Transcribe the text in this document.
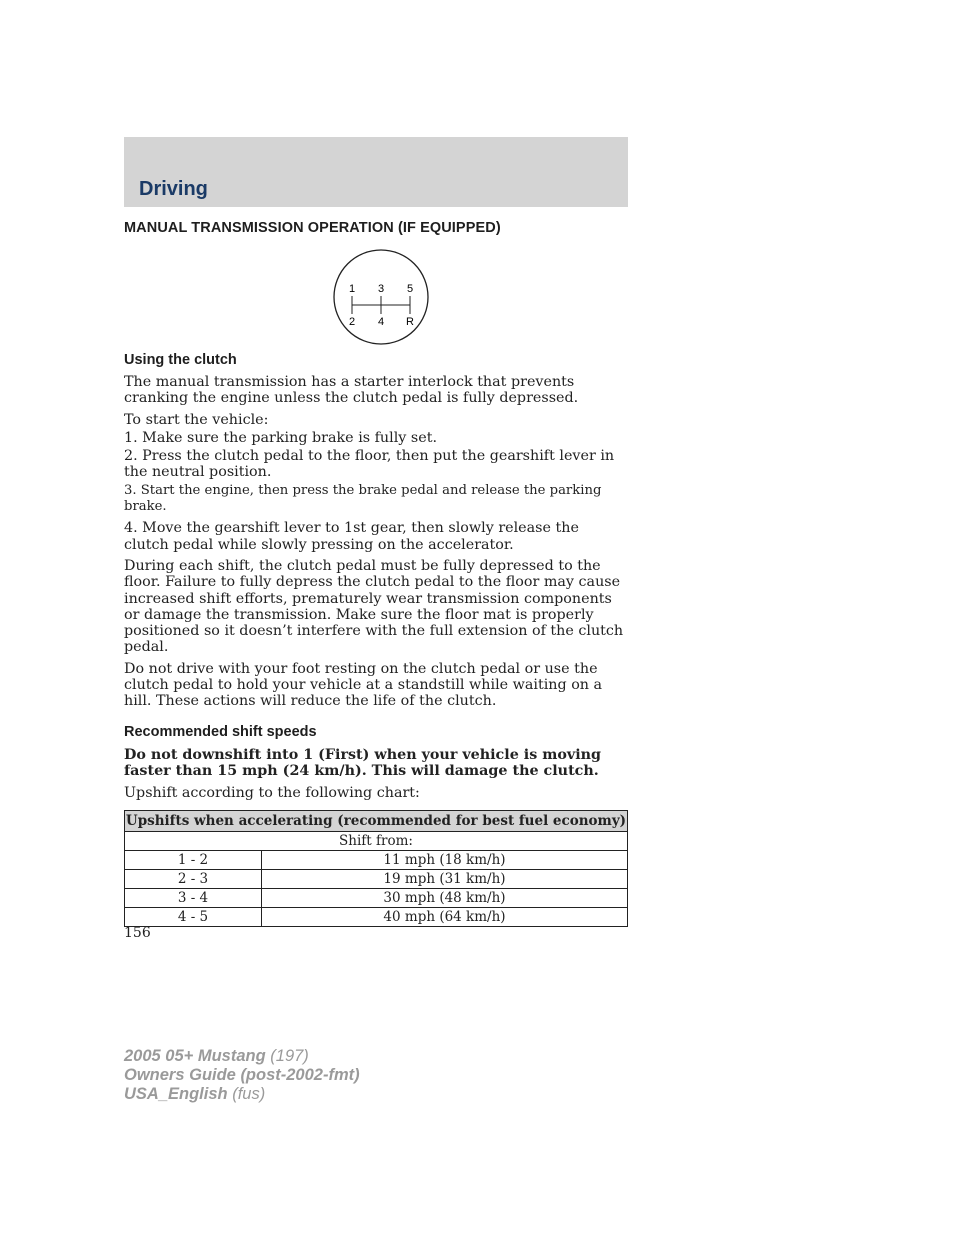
Driving
MANUAL TRANSMISSION OPERATION (IF EQUIPPED)
1 3 5
2 4 R
Using the clutch

The manual transmission has a starter interlock that prevents cranking the engine unless the clutch pedal is fully depressed.

To start the vehicle:

1. Make sure the parking brake is fully set.

2. Press the clutch pedal to the floor, then put the gearshift lever in the neutral position.

3. Start the engine, then press the brake pedal and release the parking brake.

4. Move the gearshift lever to 1st gear, then slowly release the clutch pedal while slowly pressing on the accelerator.

During each shift, the clutch pedal must be fully depressed to the floor. Failure to fully depress the clutch pedal to the floor may cause increased shift efforts, prematurely wear transmission components or damage the transmission. Make sure the floor mat is properly positioned so it doesn’t interfere with the full extension of the clutch pedal.

Do not drive with your foot resting on the clutch pedal or use the clutch pedal to hold your vehicle at a standstill while waiting on a hill. These actions will reduce the life of the clutch.

Recommended shift speeds

Do not downshift into 1 (First) when your vehicle is moving faster than 15 mph (24 km/h). This will damage the clutch.

Upshift according to the following chart:

Upshifts when accelerating (recommended for best fuel economy)	
Shift from:	
1 - 2	11 mph (18 km/h)
2 - 3	19 mph (31 km/h)
3 - 4	30 mph (48 km/h)
4 - 5	40 mph (64 km/h)
156
2005 05+ Mustang (197)
Owners Guide (post-2002-fmt)
USA_English (fus)
